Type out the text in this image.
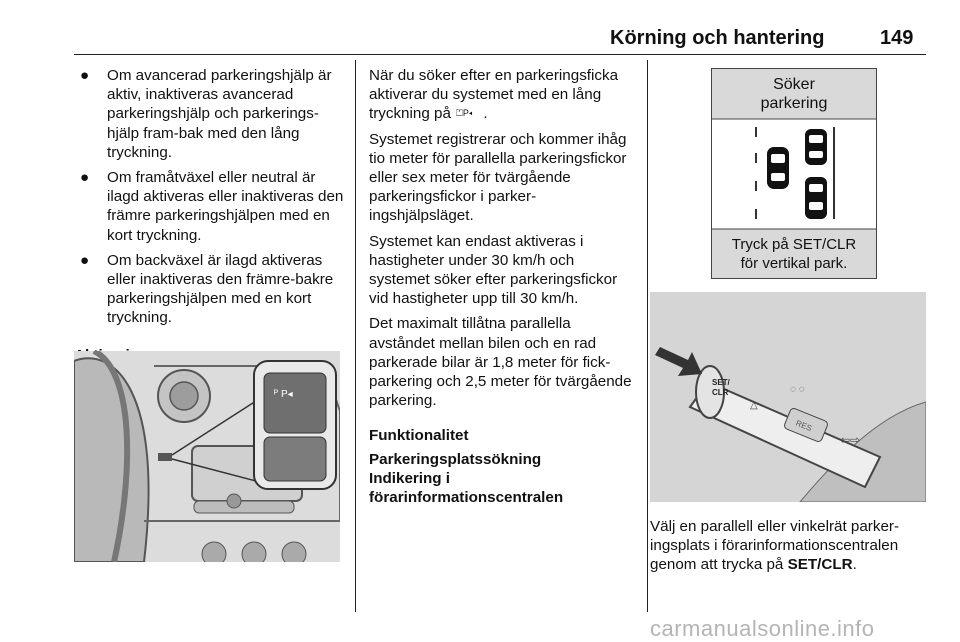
Körning och hantering	149
● Om avancerad parkeringshjälp är aktiv, inaktiveras avancerad parkeringshjälp och parkeringshjälp fram-bak med den lång tryckning.
● Om framåtväxel eller neutral är ilagd aktiveras eller inaktiveras den främre parkeringshjälpen med en kort tryckning.
● Om backväxel är ilagd aktiveras eller inaktiveras den främre-bakre parkeringshjälpen med en kort tryckning.
ᴾ P◂

När du söker efter en parkeringsficka aktiverar du systemet med en lång tryckning på ⏍P◂ .

Systemet registrerar och kommer ihåg tio meter för parallella parkeringsfickor eller sex meter för tvärgående parkeringsfickor i parkeringshjälpsläget.

Systemet kan endast aktiveras i hastigheter under 30 km/h och systemet söker efter parkeringsfickor vid hastigheter upp till 30 km/h.

Det maximalt tillåtna parallella avståndet mellan bilen och en rad parkerade bilar är 1,8 meter för fickparkering och 2,5 meter för tvärgående parkering.

Funktionalitet
Parkeringsplatssökning
Indikering i
förarinformationscentralen
Söker
parkering
Tryck på SET/CLR
för vertikal park.
SET/
CLR
RES
⇦⇨
△
◌ ◌
Välj en parallell eller vinkelrät parkeringsplats i förarinformationscentralen genom att trycka på SET/CLR.
carmanualsonline.info
